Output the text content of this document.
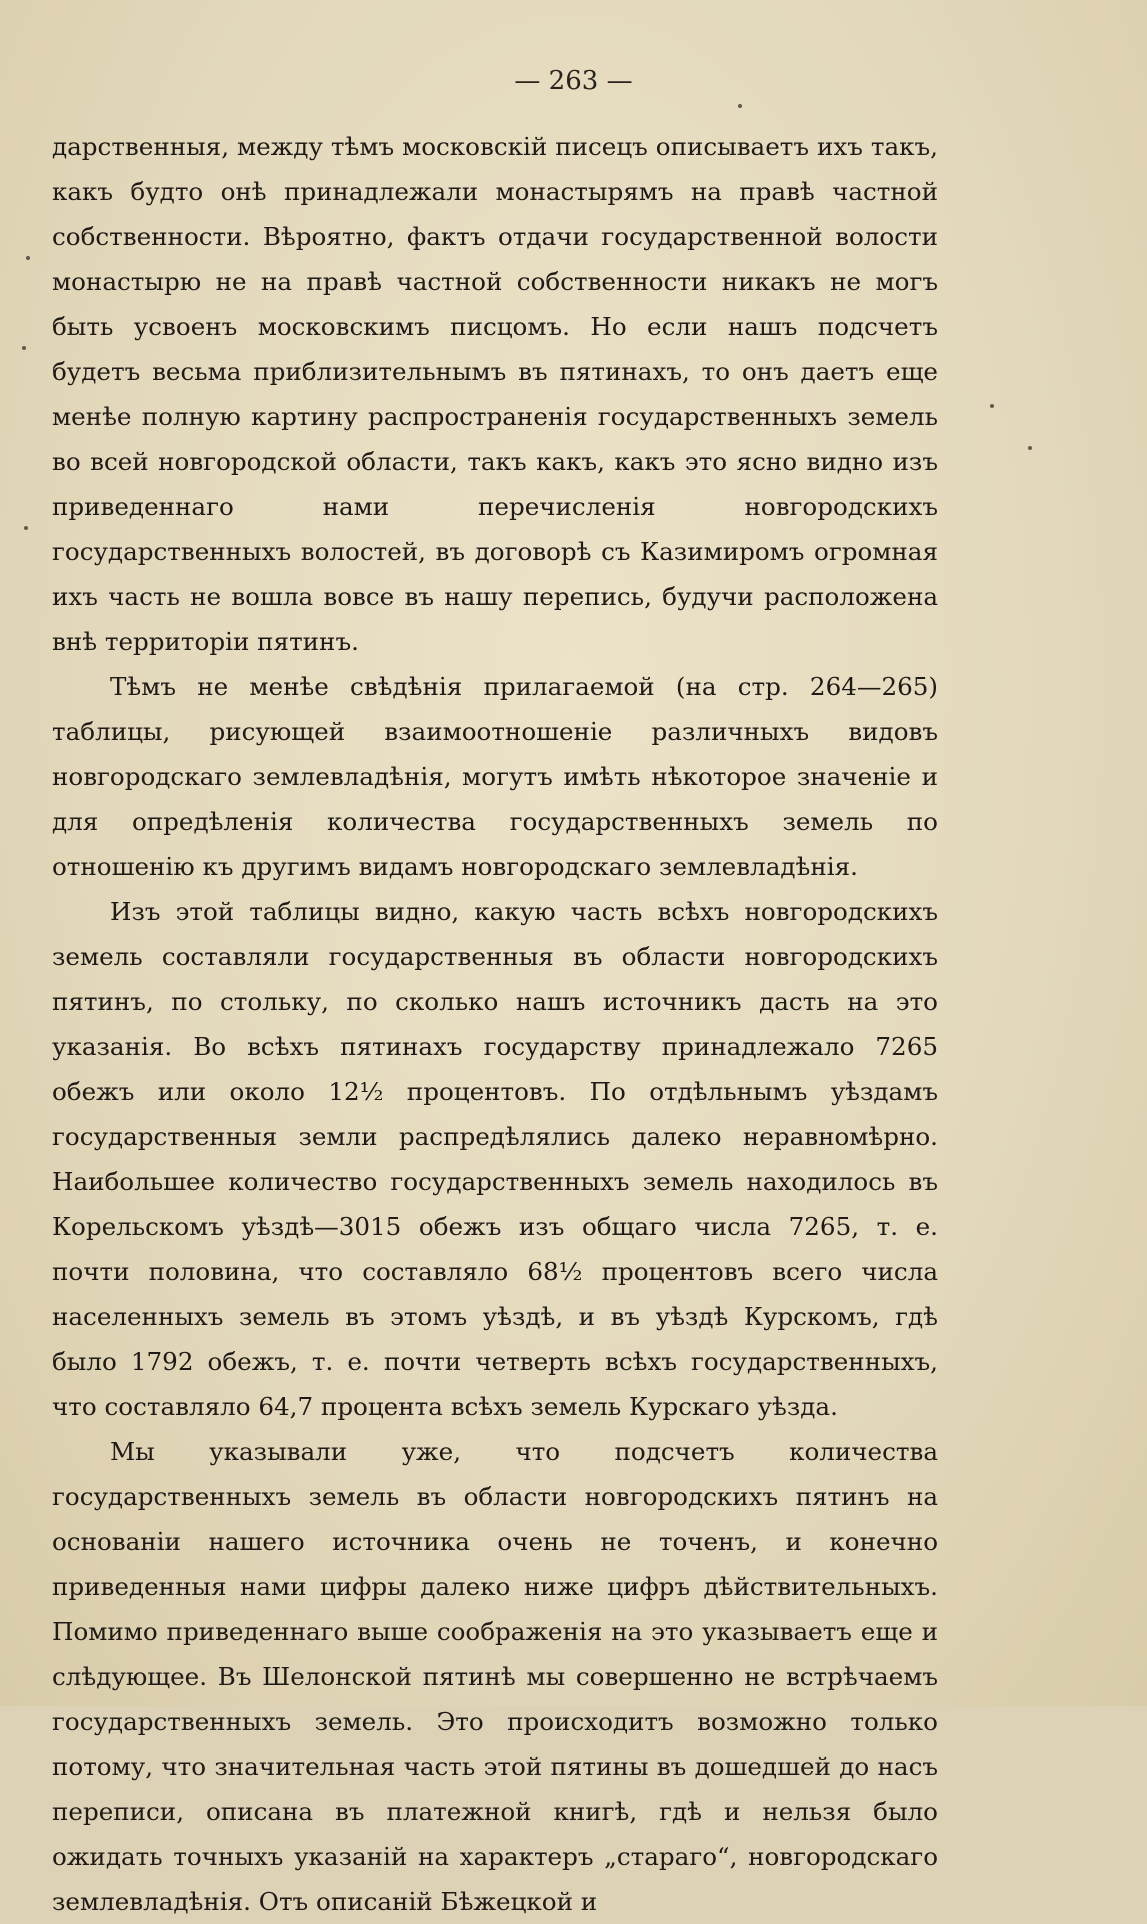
— 263 —

дарственныя, между тѣмъ московскій писецъ описываетъ ихъ такъ, какъ будто онѣ принадлежали монастырямъ на правѣ частной собственности. Вѣроятно, фактъ отдачи государственной волости монастырю не на правѣ частной собственности никакъ не могъ быть усвоенъ московскимъ писцомъ. Но если нашъ подсчетъ будетъ весьма приблизительнымъ въ пятинахъ, то онъ даетъ еще менѣе полную картину распространенія государственныхъ земель во всей новгородской области, такъ какъ, какъ это ясно видно изъ приведеннаго нами перечисленія новгородскихъ государственныхъ волостей, въ договорѣ съ Казимиромъ огромная ихъ часть не вошла вовсе въ нашу перепись, будучи расположена внѣ территоріи пятинъ.

Тѣмъ не менѣе свѣдѣнія прилагаемой (на стр. 264—265) таблицы, рисующей взаимоотношеніе различныхъ видовъ новгородскаго землевладѣнія, могутъ имѣть нѣкоторое значеніе и для опредѣленія количества государственныхъ земель по отношенію къ другимъ видамъ новгородскаго землевладѣнія.

Изъ этой таблицы видно, какую часть всѣхъ новгородскихъ земель составляли государственныя въ области новгородскихъ пятинъ, по стольку, по сколько нашъ источникъ дасть на это указанія. Во всѣхъ пятинахъ государству принадлежало 7265 обежъ или около 12½ процентовъ. По отдѣльнымъ уѣздамъ государственныя земли распредѣлялись далеко неравномѣрно. Наибольшее количество государственныхъ земель находилось въ Корельскомъ уѣздѣ—3015 обежъ изъ общаго числа 7265, т. е. почти половина, что составляло 68½ процентовъ всего числа населенныхъ земель въ этомъ уѣздѣ, и въ уѣздѣ Курскомъ, гдѣ было 1792 обежъ, т. е. почти четверть всѣхъ государственныхъ, что составляло 64,7 процента всѣхъ земель Курскаго уѣзда.

Мы указывали уже, что подсчетъ количества государственныхъ земель въ области новгородскихъ пятинъ на основаніи нашего источника очень не точенъ, и конечно приведенныя нами цифры далеко ниже цифръ дѣйствительныхъ. Помимо приведеннаго выше соображенія на это указываетъ еще и слѣдующее. Въ Шелонской пятинѣ мы совершенно не встрѣчаемъ государственныхъ земель. Это происходитъ возможно только потому, что значительная часть этой пятины въ дошедшей до насъ переписи, описана въ платежной книгѣ, гдѣ и нельзя было ожидать точныхъ указаній на характеръ „стараго“, новгородскаго землевладѣнія. Отъ описаній Бѣжецкой и
